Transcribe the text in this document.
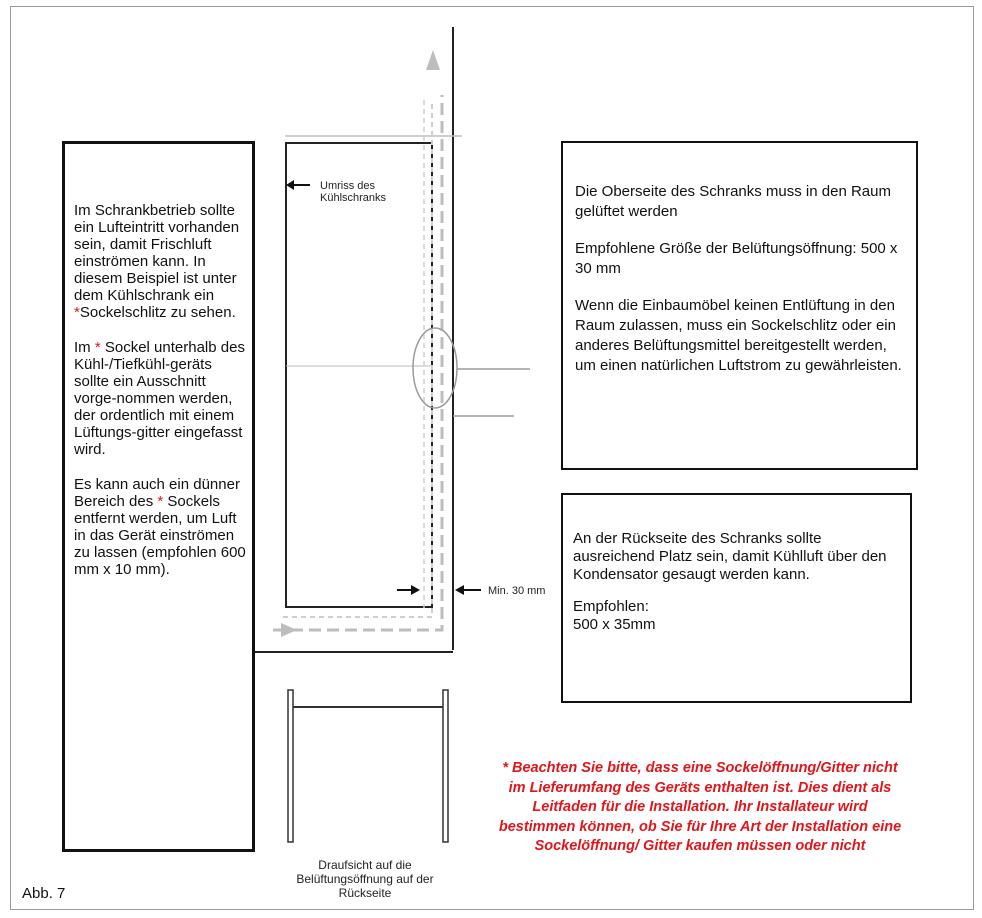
Im Schrankbetrieb sollte ein Lufteintritt vorhanden sein, damit Frischluft einströmen kann. In diesem Beispiel ist unter dem Kühlschrank ein *Sockelschlitz zu sehen.

Im * Sockel unterhalb des Kühl-/Tiefkühl-geräts sollte ein Ausschnitt vorge-nommen werden, der ordentlich mit einem Lüftungs-gitter eingefasst wird.

Es kann auch ein dünner Bereich des * Sockels entfernt werden, um Luft in das Gerät einströmen zu lassen (empfohlen 600 mm x 10 mm).

Die Oberseite des Schranks muss in den Raum gelüftet werden

Empfohlene Größe der Belüftungsöffnung: 500 x 30 mm

Wenn die Einbaumöbel keinen Entlüftung in den Raum zulassen, muss ein Sockelschlitz oder ein anderes Belüftungsmittel bereitgestellt werden, um einen natürlichen Luftstrom zu gewährleisten.

An der Rückseite des Schranks sollte ausreichend Platz sein, damit Kühlluft über den Kondensator gesaugt werden kann.

Empfohlen:

500 x 35mm

Umriss des Kühlschranks
Min. 30 mm
Draufsicht auf die Belüftungsöffnung auf der Rückseite
Abb. 7
* Beachten Sie bitte, dass eine Sockelöffnung/Gitter nicht im Lieferumfang des Geräts enthalten ist. Dies dient als Leitfaden für die Installation. Ihr Installateur wird bestimmen können, ob Sie für Ihre Art der Installation eine Sockelöffnung/ Gitter kaufen müssen oder nicht
